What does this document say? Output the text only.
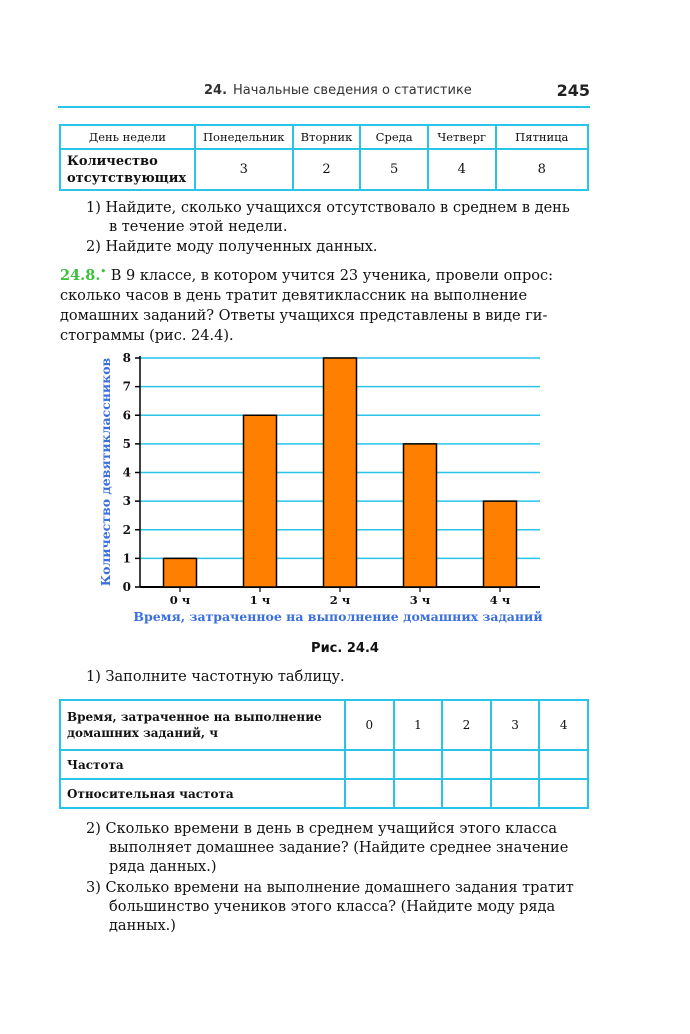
24. Начальные сведения о статистике	245
День недели	Понедельник	Вторник	Среда	Четверг	Пятница
Количество
отсутствующих	3	2	5	4	8
1) Найдите, сколько учащихся отсутствовало в среднем в день
в течение этой недели.
2) Найдите моду полученных данных.
24.8.• В 9 классе, в котором учится 23 ученика, провели опрос:
сколько часов в день тратит девятиклассник на выполнение
домашних заданий? Ответы учащихся представлены в виде ги-
стограммы (рис. 24.4).
0
1
2
3
4
5
6
7
8
0 ч	1 ч	2 ч	3 ч	4 ч
Время, затраченное на выполнение домашних заданий
Количество девятиклассников
Рис. 24.4
1) Заполните частотную таблицу.
Время, затраченное на выполнение
домашних заданий, ч	0	1	2	3	4
Частота					
Относительная частота					
2) Сколько времени в день в среднем учащийся этого класса
выполняет домашнее задание? (Найдите среднее значение
ряда данных.)
3) Сколько времени на выполнение домашнего задания тратит
большинство учеников этого класса? (Найдите моду ряда
данных.)
